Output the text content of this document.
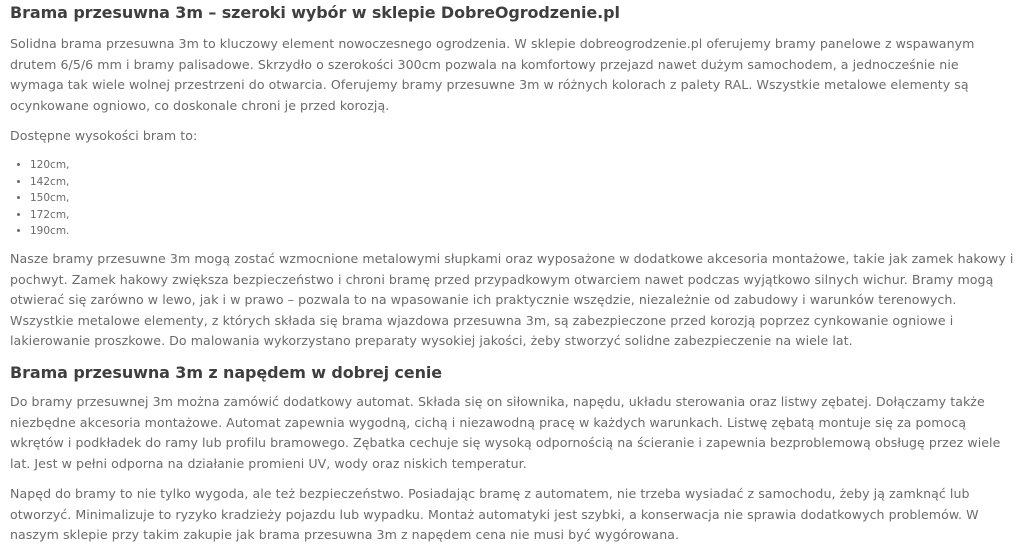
Brama przesuwna 3m – szeroki wybór w sklepie DobreOgrodzenie.pl

Solidna brama przesuwna 3m to kluczowy element nowoczesnego ogrodzenia. W sklepie dobreogrodzenie.pl oferujemy bramy panelowe z wspawanym drutem 6/5/6 mm i bramy palisadowe. Skrzydło o szerokości 300cm pozwala na komfortowy przejazd nawet dużym samochodem, a jednocześnie nie wymaga tak wiele wolnej przestrzeni do otwarcia. Oferujemy bramy przesuwne 3m w różnych kolorach z palety RAL. Wszystkie metalowe elementy są ocynkowane ogniowo, co doskonale chroni je przed korozją.

Dostępne wysokości bram to:

• 120cm,
• 142cm,
• 150cm,
• 172cm,
• 190cm.

Nasze bramy przesuwne 3m mogą zostać wzmocnione metalowymi słupkami oraz wyposażone w dodatkowe akcesoria montażowe, takie jak zamek hakowy i pochwyt. Zamek hakowy zwiększa bezpieczeństwo i chroni bramę przed przypadkowym otwarciem nawet podczas wyjątkowo silnych wichur. Bramy mogą otwierać się zarówno w lewo, jak i w prawo – pozwala to na wpasowanie ich praktycznie wszędzie, niezależnie od zabudowy i warunków terenowych. Wszystkie metalowe elementy, z których składa się brama wjazdowa przesuwna 3m, są zabezpieczone przed korozją poprzez cynkowanie ogniowe i lakierowanie proszkowe. Do malowania wykorzystano preparaty wysokiej jakości, żeby stworzyć solidne zabezpieczenie na wiele lat.

Brama przesuwna 3m z napędem w dobrej cenie

Do bramy przesuwnej 3m można zamówić dodatkowy automat. Składa się on siłownika, napędu, układu sterowania oraz listwy zębatej. Dołączamy także niezbędne akcesoria montażowe. Automat zapewnia wygodną, cichą i niezawodną pracę w każdych warunkach. Listwę zębatą montuje się za pomocą wkrętów i podkładek do ramy lub profilu bramowego. Zębatka cechuje się wysoką odpornością na ścieranie i zapewnia bezproblemową obsługę przez wiele lat. Jest w pełni odporna na działanie promieni UV, wody oraz niskich temperatur.

Napęd do bramy to nie tylko wygoda, ale też bezpieczeństwo. Posiadając bramę z automatem, nie trzeba wysiadać z samochodu, żeby ją zamknąć lub otworzyć. Minimalizuje to ryzyko kradzieży pojazdu lub wypadku. Montaż automatyki jest szybki, a konserwacja nie sprawia dodatkowych problemów. W naszym sklepie przy takim zakupie jak brama przesuwna 3m z napędem cena nie musi być wygórowana.
